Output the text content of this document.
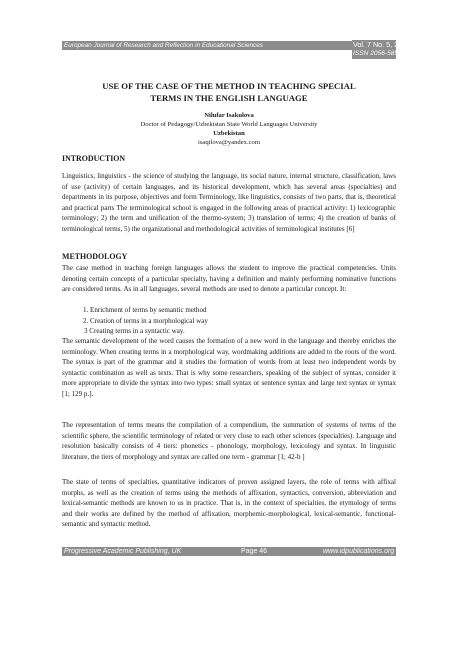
European Journal of Research and Reflection in Educational Sciences	Vol. 7 No. 5, 2019
ISSN 2056-5852
USE OF THE CASE OF THE METHOD IN TEACHING SPECIAL
TERMS IN THE ENGLISH LANGUAGE
Nilufar Isakulova
Doctor of Pedagogy/Uzbekistan State World Languages University
Uzbekistan
isaqilova@yandex.com
INTRODUCTION
Linguistics, linguistics - the science of studying the language, its social nature, internal structure, classification, laws of use (activity) of certain languages, and its historical development, which has several areas (specialties) and departments in its purpose, objectives and form Terminology, like linguistics, consists of two parts, that is, theoretical and practical parts The terminological school is engaged in the following areas of practical activity: 1) lexicographic terminology; 2) the term and unification of the thermo-system; 3) translation of terms; 4) the creation of banks of terminological terms, 5) the organizational and methodological activities of terminological institutes [6]
METHODOLOGY
The case method in teaching foreign languages allows the student to improve the practical competencies. Units denoting certain concepts of a particular specialty, having a definition and mainly performing nominative functions are considered terms. As in all languages, several methods are used to denote a particular concept. It:
1. Enrichment of terms by semantic method
2. Creation of terms in a morphological way
3 Creating terms in a syntactic way.
The semantic development of the word causes the formation of a new word in the language and thereby enriches the terminology. When creating terms in a morphological way, wordmaking additions are added to the roots of the word. The syntax is part of the grammar and it studies the formation of words from at least two independent words by syntactic combination as well as texts. That is why some researchers, speaking of the subject of syntax, consider it more appropriate to divide the syntax into two types: small syntax or sentence syntax and large text syntax or syntax [1; 129 p.].
The representation of terms means the compilation of a compendium, the summation of systems of terms of the scientific sphere, the scientific terminology of related or very close to each other sciences (specialties). Language and resolution basically consists of 4 tiers: phonetics - phonology, morphology, lexicology and syntax. In linguistic literature, the tiers of morphology and syntax are called one term - grammar [1; 42-b ]
The state of terms of specialties, quantitative indicators of proven assigned layers, the role of terms with affixal morphs, as well as the creation of terms using the methods of affixation, syntactics, conversion, abbreviation and lexical-semantic methods are known to us in practice. That is, in the context of specialties, the etymology of terms and their works are defined by the method of affixation, morphemic-morphological, lexical-semantic, functional-semantic and syntactic method.
Progressive Academic Publishing, UK	Page 46	www.idpublications.org
